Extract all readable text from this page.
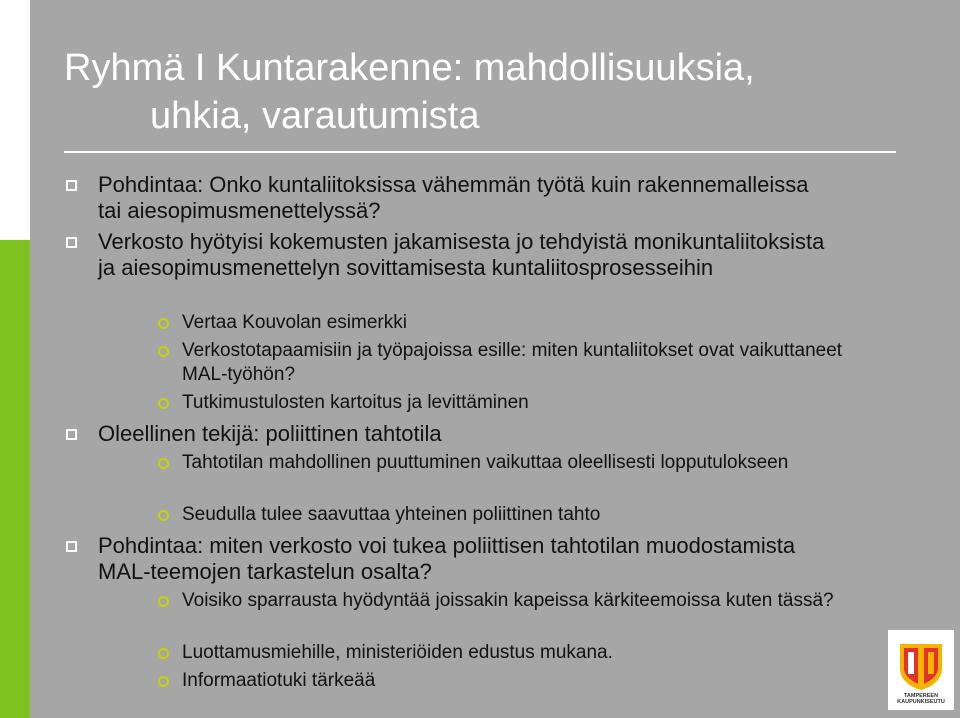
Ryhmä I Kuntarakenne: mahdollisuuksia,
uhkia, varautumista
Pohdintaa: Onko kuntaliitoksissa vähemmän työtä kuin rakennemalleissa tai aiesopimusmenettelyssä?
Verkosto hyötyisi kokemusten jakamisesta jo tehdyistä monikuntaliitoksista ja aiesopimusmenettelyn sovittamisesta kuntaliitosprosesseihin
Vertaa Kouvolan esimerkki
Verkostotapaamisiin ja työpajoissa esille: miten kuntaliitokset ovat vaikuttaneet MAL-työhön?
Tutkimustulosten kartoitus ja levittäminen
Oleellinen tekijä: poliittinen tahtotila
Tahtotilan mahdollinen puuttuminen vaikuttaa oleellisesti lopputulokseen
Seudulla tulee saavuttaa yhteinen poliittinen tahto
Pohdintaa: miten verkosto voi tukea poliittisen tahtotilan muodostamista MAL-teemojen tarkastelun osalta?
Voisiko sparrausta hyödyntää joissakin kapeissa kärkiteemoissa kuten tässä?
Luottamusmiehille, ministeriöiden edustus mukana.
Informaatiotuki tärkeää
TAMPEREEN KAUPUNKISEUTU
